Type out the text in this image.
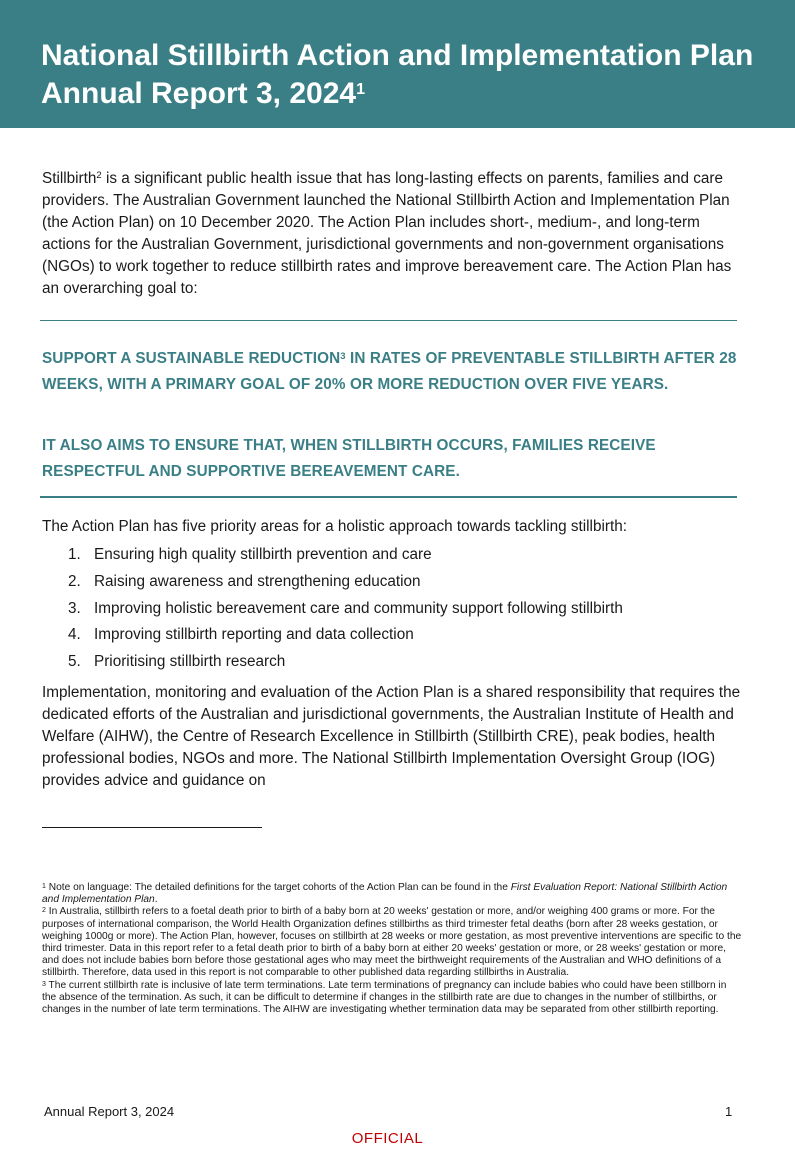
National Stillbirth Action and Implementation Plan Annual Report 3, 2024$^1$

Stillbirth$^2$ is a significant public health issue that has long-lasting effects on parents, families and care providers. The Australian Government launched the National Stillbirth Action and Implementation Plan (the Action Plan) on 10 December 2020. The Action Plan includes short-, medium-, and long-term actions for the Australian Government, jurisdictional governments and non-government organisations (NGOs) to work together to reduce stillbirth rates and improve bereavement care. The Action Plan has an overarching goal to:

SUPPORT A SUSTAINABLE REDUCTION$^3$ IN RATES OF PREVENTABLE STILLBIRTH AFTER 28 WEEKS, WITH A PRIMARY GOAL OF 20% OR MORE REDUCTION OVER FIVE YEARS.

IT ALSO AIMS TO ENSURE THAT, WHEN STILLBIRTH OCCURS, FAMILIES RECEIVE RESPECTFUL AND SUPPORTIVE BEREAVEMENT CARE.

The Action Plan has five priority areas for a holistic approach towards tackling stillbirth:

1. Ensuring high quality stillbirth prevention and care
2. Raising awareness and strengthening education
3. Improving holistic bereavement care and community support following stillbirth
4. Improving stillbirth reporting and data collection
5. Prioritising stillbirth research

Implementation, monitoring and evaluation of the Action Plan is a shared responsibility that requires the dedicated efforts of the Australian and jurisdictional governments, the Australian Institute of Health and Welfare (AIHW), the Centre of Research Excellence in Stillbirth (Stillbirth CRE), peak bodies, health professional bodies, NGOs and more. The National Stillbirth Implementation Oversight Group (IOG) provides advice and guidance on

$^1$ Note on language: The detailed definitions for the target cohorts of the Action Plan can be found in the First Evaluation Report: National Stillbirth Action and Implementation Plan.

$^2$ In Australia, stillbirth refers to a foetal death prior to birth of a baby born at 20 weeks' gestation or more, and/or weighing 400 grams or more. For the purposes of international comparison, the World Health Organization defines stillbirths as third trimester fetal deaths (born after 28 weeks gestation, or weighing 1000g or more). The Action Plan, however, focuses on stillbirth at 28 weeks or more gestation, as most preventive interventions are specific to the third trimester. Data in this report refer to a fetal death prior to birth of a baby born at either 20 weeks' gestation or more, or 28 weeks' gestation or more, and does not include babies born before those gestational ages who may meet the birthweight requirements of the Australian and WHO definitions of a stillbirth. Therefore, data used in this report is not comparable to other published data regarding stillbirths in Australia.

$^3$ The current stillbirth rate is inclusive of late term terminations. Late term terminations of pregnancy can include babies who could have been stillborn in the absence of the termination. As such, it can be difficult to determine if changes in the stillbirth rate are due to changes in the number of stillbirths, or changes in the number of late term terminations. The AIHW are investigating whether termination data may be separated from other stillbirth reporting.

Annual Report 3, 2024	1
OFFICIAL
